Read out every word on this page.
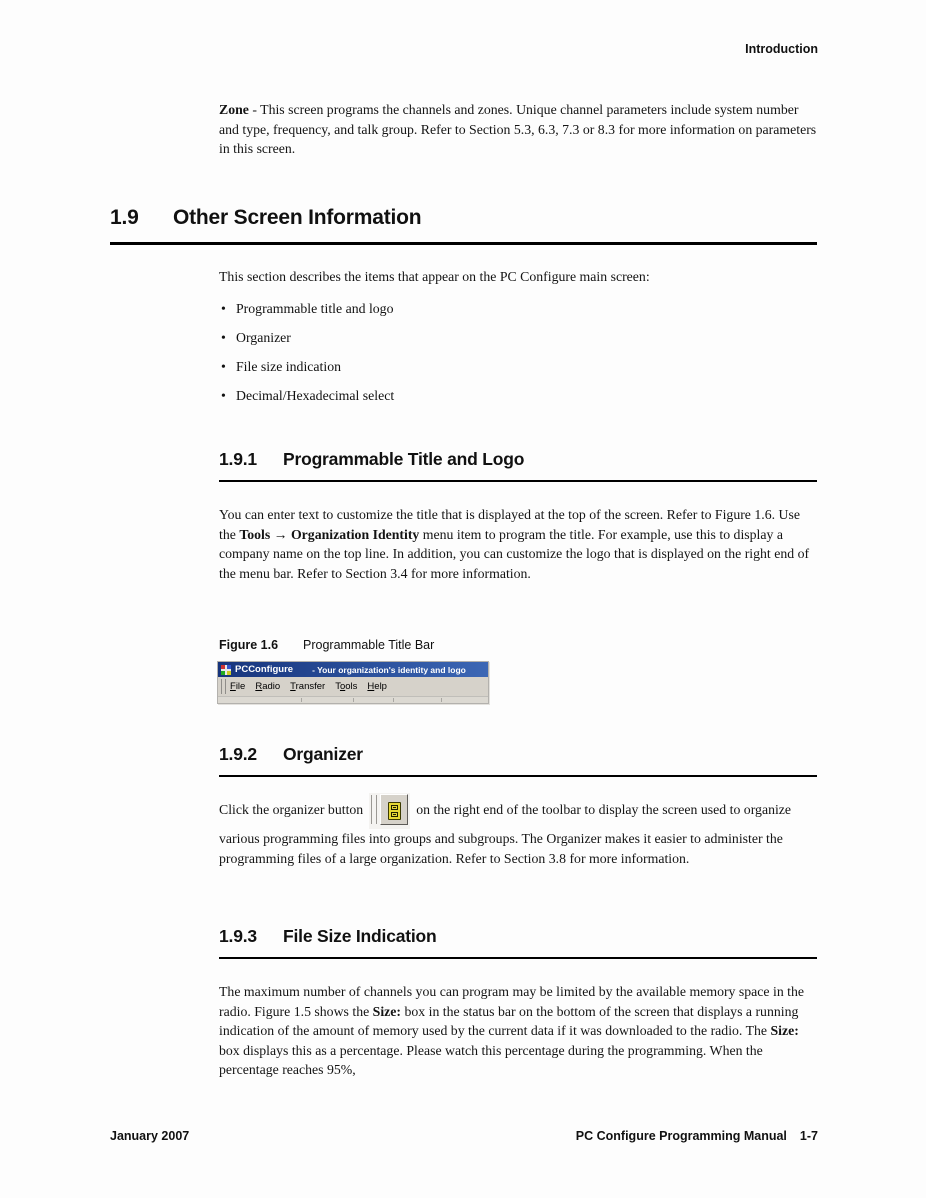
Introduction

Zone - This screen programs the channels and zones. Unique channel parameters include system number and type, frequency, and talk group. Refer to Section 5.3, 6.3, 7.3 or 8.3 for more information on parameters in this screen.

1.9 Other Screen Information

This section describes the items that appear on the PC Configure main screen:

• Programmable title and logo
• Organizer
• File size indication
• Decimal/Hexadecimal select
1.9.1 Programmable Title and Logo

You can enter text to customize the title that is displayed at the top of the screen. Refer to Figure 1.6. Use the Tools → Organization Identity menu item to program the title. For example, use this to display a company name on the top line. In addition, you can customize the logo that is displayed on the right end of the menu bar. Refer to Section 3.4 for more information.

Figure 1.6 Programmable Title Bar
PCConfigure - Your organization's identity and logo
File Radio Transfer Tools Help
1.9.2 Organizer

Click the organizer button	on the right end of the toolbar to display the screen used to organize various programming files into groups and subgroups. The Organizer makes it easier to administer the programming files of a large organization. Refer to Section 3.8 for more information.

1.9.3 File Size Indication

The maximum number of channels you can program may be limited by the available memory space in the radio. Figure 1.5 shows the Size: box in the status bar on the bottom of the screen that displays a running indication of the amount of memory used by the current data if it was downloaded to the radio. The Size: box displays this as a percentage. Please watch this percentage during the programming. When the percentage reaches 95%,

January 2007	PC Configure Programming Manual 1-7
